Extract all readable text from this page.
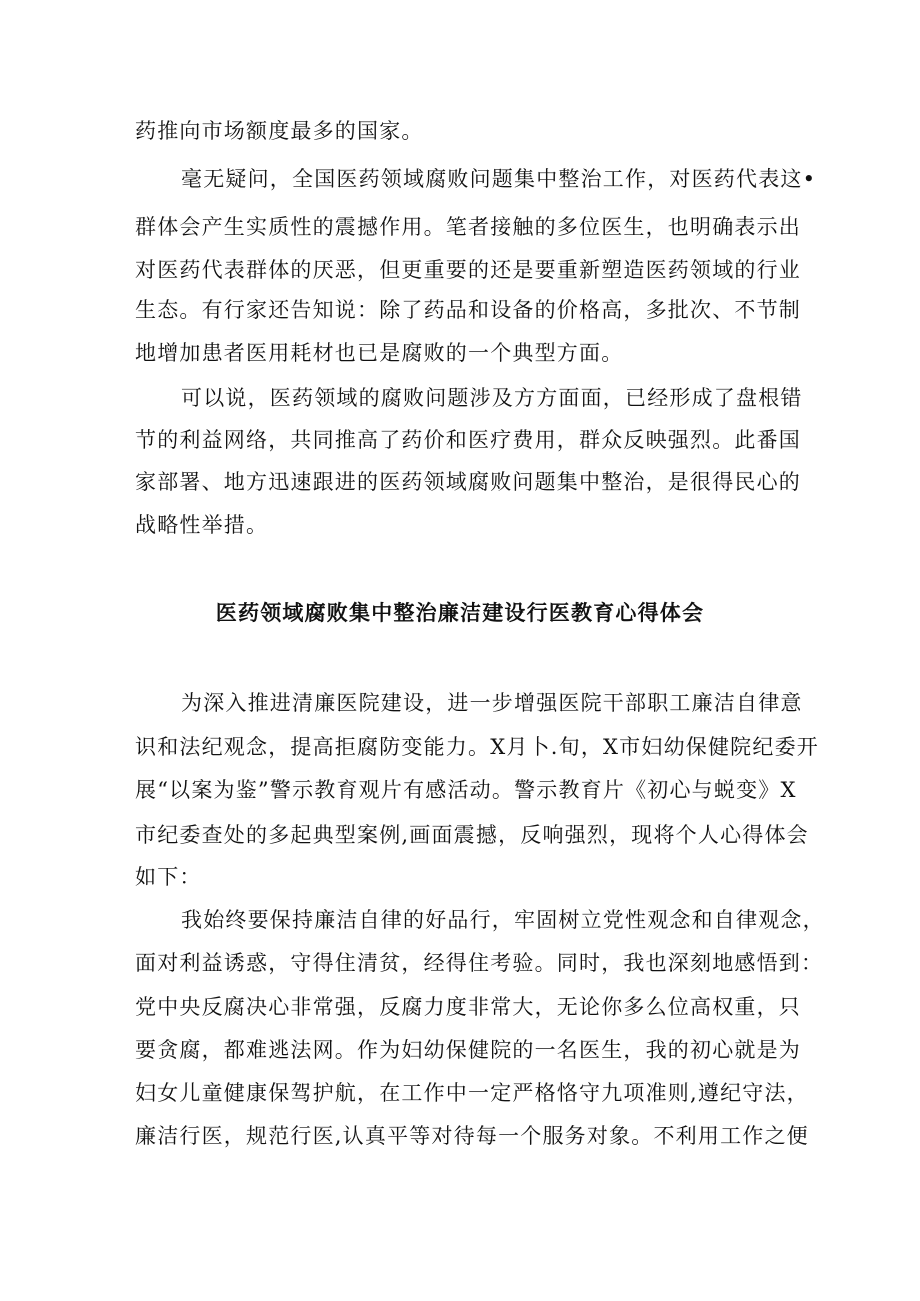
药推向市场额度最多的国家。
毫无疑问，全国医药领域腐败问题集中整治工作，对医药代表这•
群体会产生实质性的震撼作用。笔者接触的多位医生，也明确表示出
对医药代表群体的厌恶，但更重要的还是要重新塑造医药领域的行业
生态。有行家还告知说：除了药品和设备的价格高，多批次、不节制
地增加患者医用耗材也已是腐败的一个典型方面。
可以说，医药领域的腐败问题涉及方方面面，已经形成了盘根错
节的利益网络，共同推高了药价和医疗费用，群众反映强烈。此番国
家部署、地方迅速跟进的医药领域腐败问题集中整治，是很得民心的
战略性举措。
医药领域腐败集中整治廉洁建设行医教育心得体会
为深入推进清廉医院建设，进一步增强医院干部职工廉洁自律意
识和法纪观念，提高拒腐防变能力。X月卜.旬，X市妇幼保健院纪委开
展“以案为鉴”警示教育观片有感活动。警示教育片《初心与蜕变》X
市纪委查处的多起典型案例,画面震撼，反响强烈，现将个人心得体会
如下：
我始终要保持廉洁自律的好品行，牢固树立党性观念和自律观念，
面对利益诱惑，守得住清贫，经得住考验。同时，我也深刻地感悟到：
党中央反腐决心非常强，反腐力度非常大，无论你多么位高权重，只
要贪腐，都难逃法网。作为妇幼保健院的一名医生，我的初心就是为
妇女儿童健康保驾护航，在工作中一定严格恪守九项准则,遵纪守法，
廉洁行医，规范行医,认真平等对待每一个服务对象。不利用工作之便
